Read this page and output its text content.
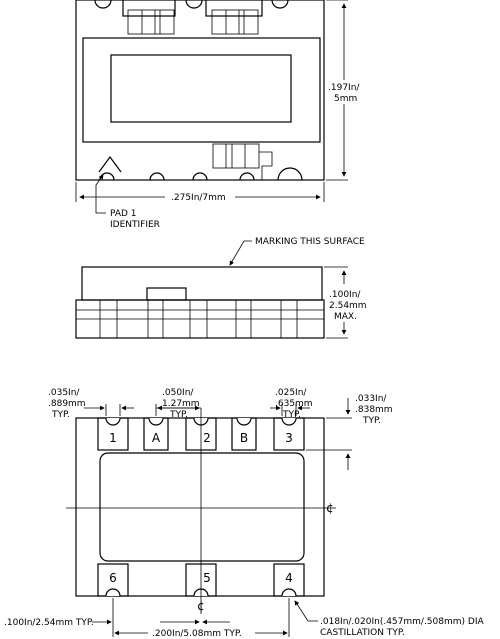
.197In/
5mm
.275In/7mm
PAD 1
IDENTIFIER
MARKING THIS SURFACE
.100In/
2.54mm
MAX.
1	A	2 B	3
6	5	4
¢
¢
.035In/
.889mm
TYP.
.050In/
1.27mm
TYP.
.025In/
.635mm
TYP.
.033In/
.838mm
TYP.
.100In/2.54mm TYP.
.200In/5.08mm TYP.
.018In/.020In(.457mm/.508mm) DIA
CASTILLATION TYP.
